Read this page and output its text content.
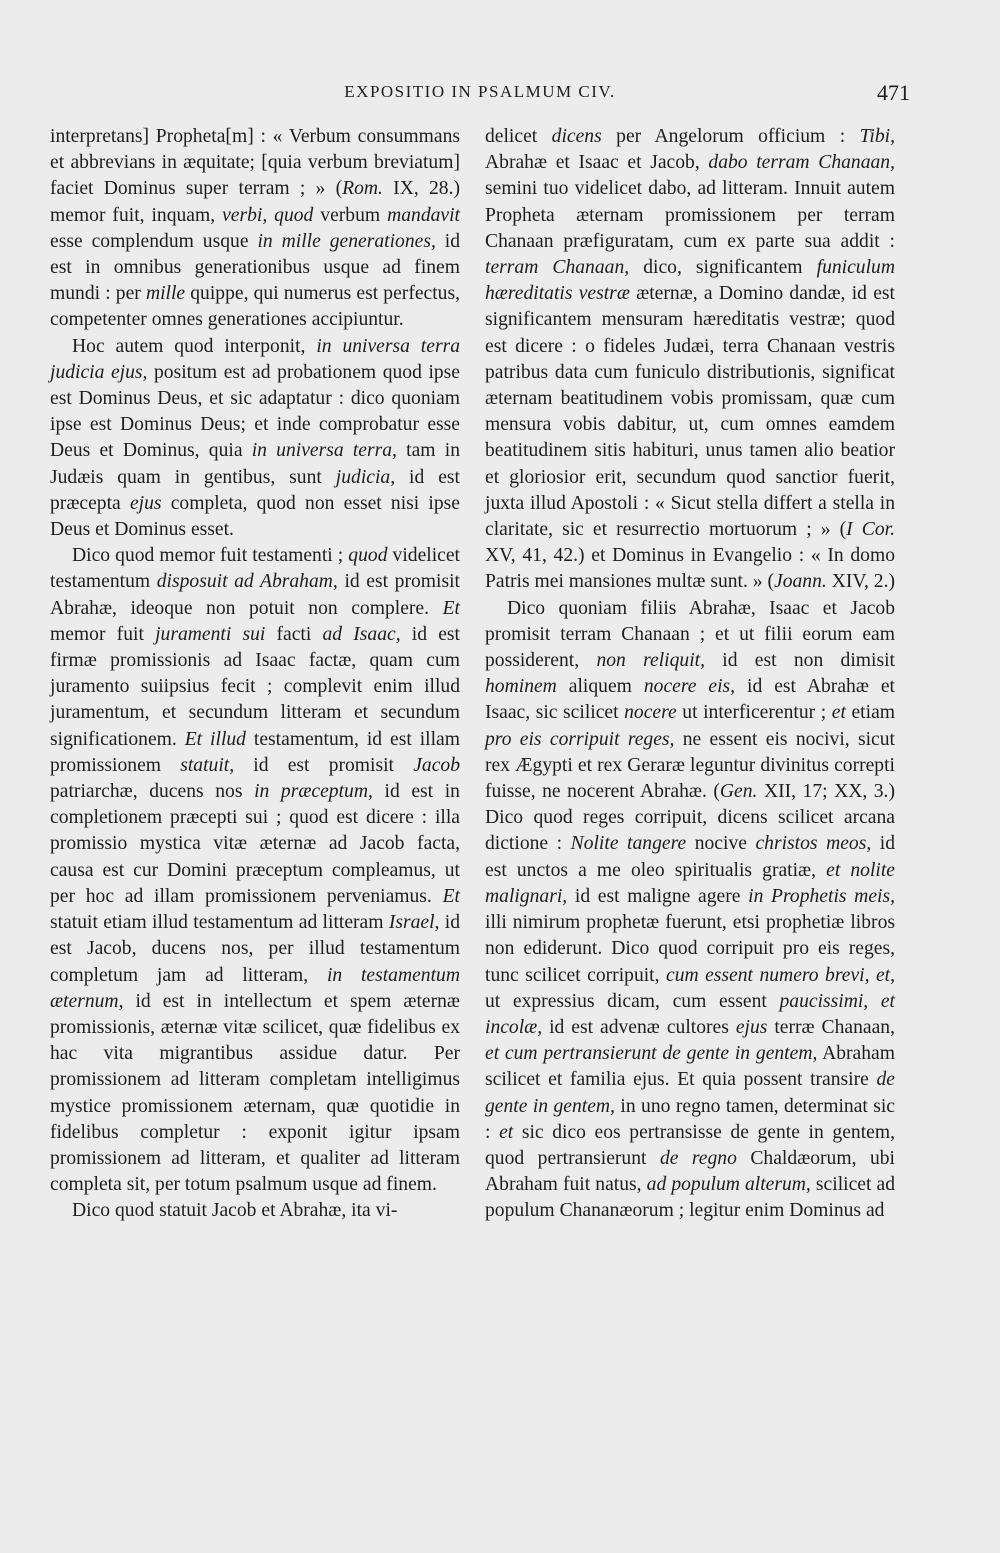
EXPOSITIO IN PSALMUM CIV.	471

interpretans] Propheta[m] : « Verbum consummans et abbrevians in æquitate; [quia verbum breviatum] faciet Dominus super terram ; » (Rom. IX, 28.) memor fuit, inquam, verbi, quod verbum mandavit esse complendum usque in mille generationes, id est in omnibus generationibus usque ad finem mundi : per mille quippe, qui numerus est perfectus, competenter omnes generationes accipiuntur.

Hoc autem quod interponit, in universa terra judicia ejus, positum est ad probationem quod ipse est Dominus Deus, et sic adaptatur : dico quoniam ipse est Dominus Deus; et inde comprobatur esse Deus et Dominus, quia in universa terra, tam in Judæis quam in gentibus, sunt judicia, id est præcepta ejus completa, quod non esset nisi ipse Deus et Dominus esset.

Dico quod memor fuit testamenti ; quod videlicet testamentum disposuit ad Abraham, id est promisit Abrahæ, ideoque non potuit non complere. Et memor fuit juramenti sui facti ad Isaac, id est firmæ promissionis ad Isaac factæ, quam cum juramento suiipsius fecit ; complevit enim illud juramentum, et secundum litteram et secundum significationem. Et illud testamentum, id est illam promissionem statuit, id est promisit Jacob patriarchæ, ducens nos in præceptum, id est in completionem præcepti sui ; quod est dicere : illa promissio mystica vitæ æternæ ad Jacob facta, causa est cur Domini præceptum compleamus, ut per hoc ad illam promissionem perveniamus. Et statuit etiam illud testamentum ad litteram Israel, id est Jacob, ducens nos, per illud testamentum completum jam ad litteram, in testamentum æternum, id est in intellectum et spem æternæ promissionis, æternæ vitæ scilicet, quæ fidelibus ex hac vita migrantibus assidue datur. Per promissionem ad litteram completam intelligimus mystice promissionem æternam, quæ quotidie in fidelibus completur : exponit igitur ipsam promissionem ad litteram, et qualiter ad litteram completa sit, per totum psalmum usque ad finem.

Dico quod statuit Jacob et Abrahæ, ita vi-

delicet dicens per Angelorum officium : Tibi, Abrahæ et Isaac et Jacob, dabo terram Chanaan, semini tuo videlicet dabo, ad litteram. Innuit autem Propheta æternam promissionem per terram Chanaan præfiguratam, cum ex parte sua addit : terram Chanaan, dico, significantem funiculum hæreditatis vestræ æternæ, a Domino dandæ, id est significantem mensuram hæreditatis vestræ; quod est dicere : o fideles Judæi, terra Chanaan vestris patribus data cum funiculo distributionis, significat æternam beatitudinem vobis promissam, quæ cum mensura vobis dabitur, ut, cum omnes eamdem beatitudinem sitis habituri, unus tamen alio beatior et gloriosior erit, secundum quod sanctior fuerit, juxta illud Apostoli : « Sicut stella differt a stella in claritate, sic et resurrectio mortuorum ; » (I Cor. XV, 41, 42.) et Dominus in Evangelio : « In domo Patris mei mansiones multæ sunt. » (Joann. XIV, 2.)

Dico quoniam filiis Abrahæ, Isaac et Jacob promisit terram Chanaan ; et ut filii eorum eam possiderent, non reliquit, id est non dimisit hominem aliquem nocere eis, id est Abrahæ et Isaac, sic scilicet nocere ut interficerentur ; et etiam pro eis corripuit reges, ne essent eis nocivi, sicut rex Ægypti et rex Geraræ leguntur divinitus correpti fuisse, ne nocerent Abrahæ. (Gen. XII, 17; XX, 3.) Dico quod reges corripuit, dicens scilicet arcana dictione : Nolite tangere nocive christos meos, id est unctos a me oleo spiritualis gratiæ, et nolite malignari, id est maligne agere in Prophetis meis, illi nimirum prophetæ fuerunt, etsi prophetiæ libros non ediderunt. Dico quod corripuit pro eis reges, tunc scilicet corripuit, cum essent numero brevi, et, ut expressius dicam, cum essent paucissimi, et incolæ, id est advenæ cultores ejus terræ Chanaan, et cum pertransierunt de gente in gentem, Abraham scilicet et familia ejus. Et quia possent transire de gente in gentem, in uno regno tamen, determinat sic : et sic dico eos pertransisse de gente in gentem, quod pertransierunt de regno Chaldæorum, ubi Abraham fuit natus, ad populum alterum, scilicet ad populum Chananæorum ; legitur enim Dominus ad
